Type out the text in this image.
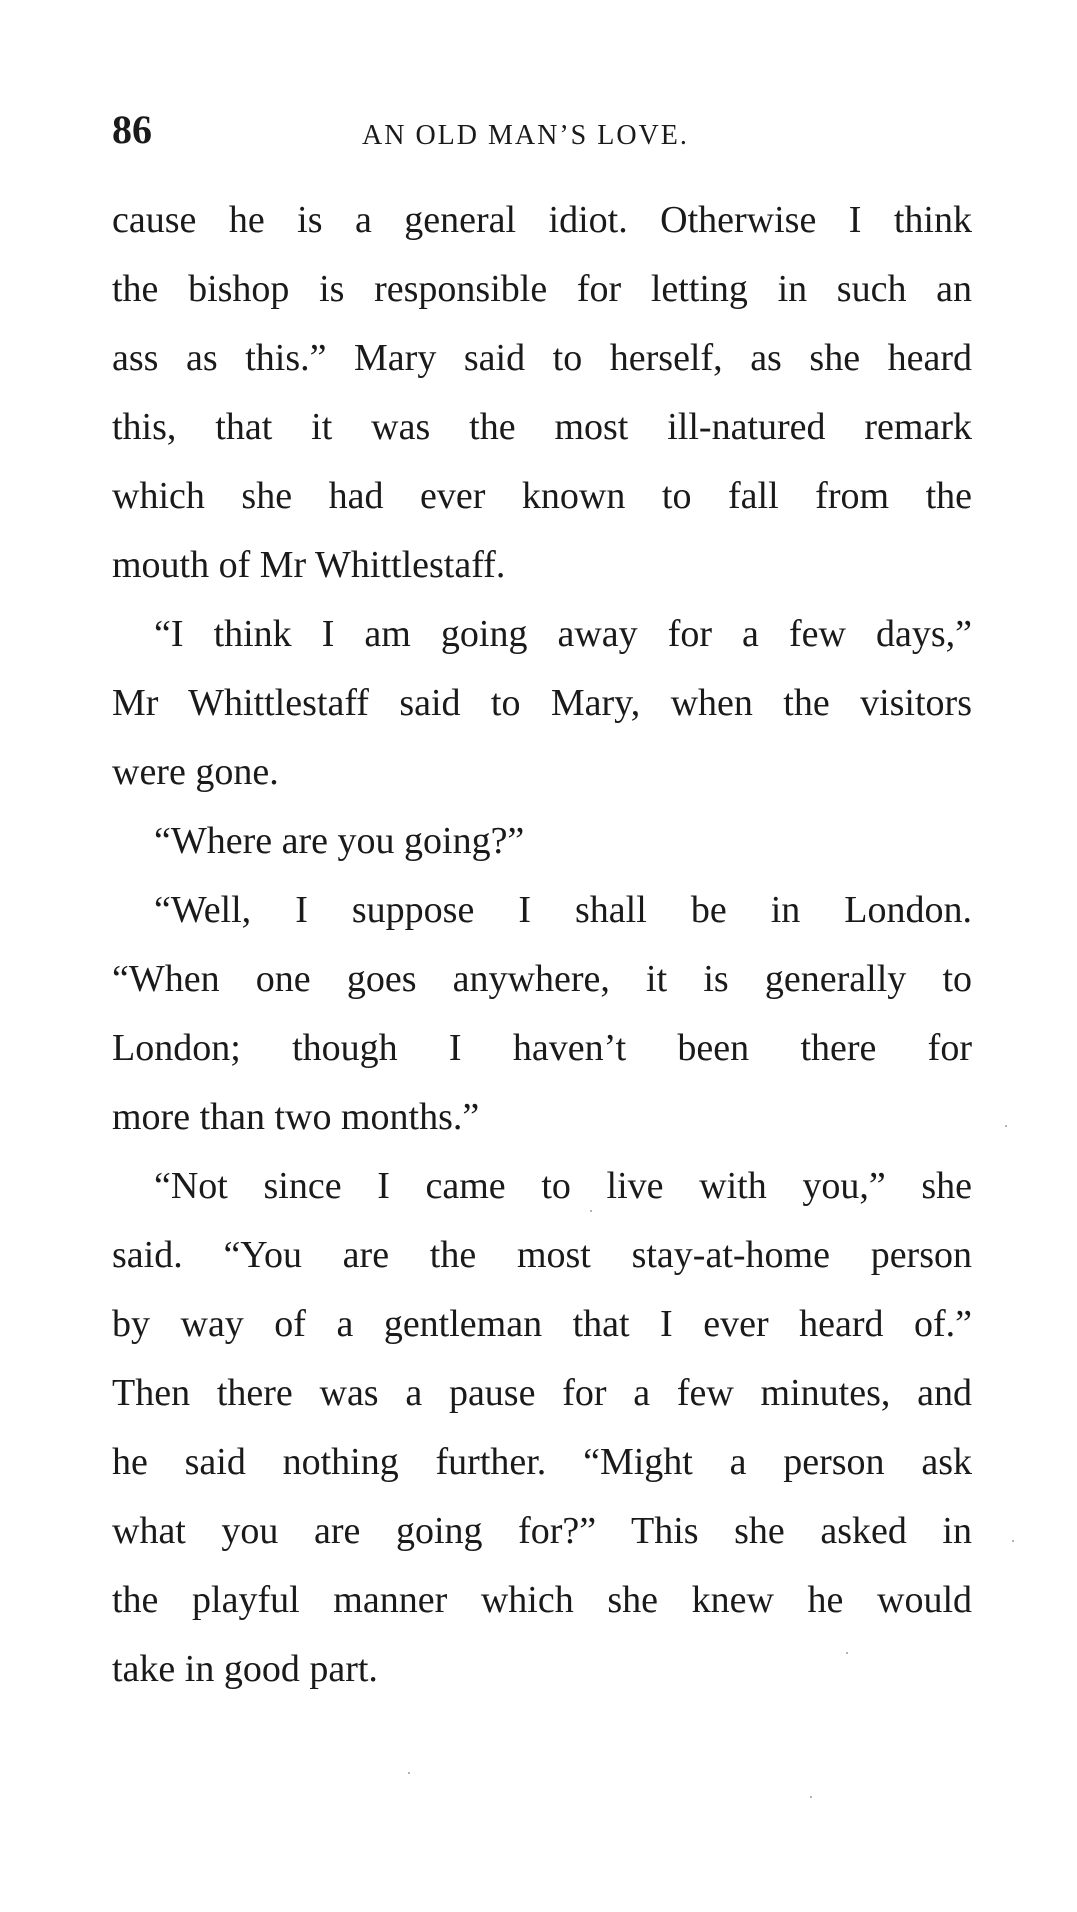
86	AN OLD MAN’S LOVE.
cause he is a general idiot. Otherwise I think
the bishop is responsible for letting in such an
ass as this.” Mary said to herself, as she heard
this, that it was the most ill-natured remark
which she had ever known to fall from the
mouth of Mr Whittlestaff.
“I think I am going away for a few days,”
Mr Whittlestaff said to Mary, when the visitors
were gone.
“Where are you going?”
“Well, I suppose I shall be in London.
“When one goes anywhere, it is generally to
London; though I haven’t been there for
more than two months.”
“Not since I came to live with you,” she
said. “You are the most stay-at-home person
by way of a gentleman that I ever heard of.”
Then there was a pause for a few minutes, and
he said nothing further. “Might a person ask
what you are going for?” This she asked in
the playful manner which she knew he would
take in good part.
